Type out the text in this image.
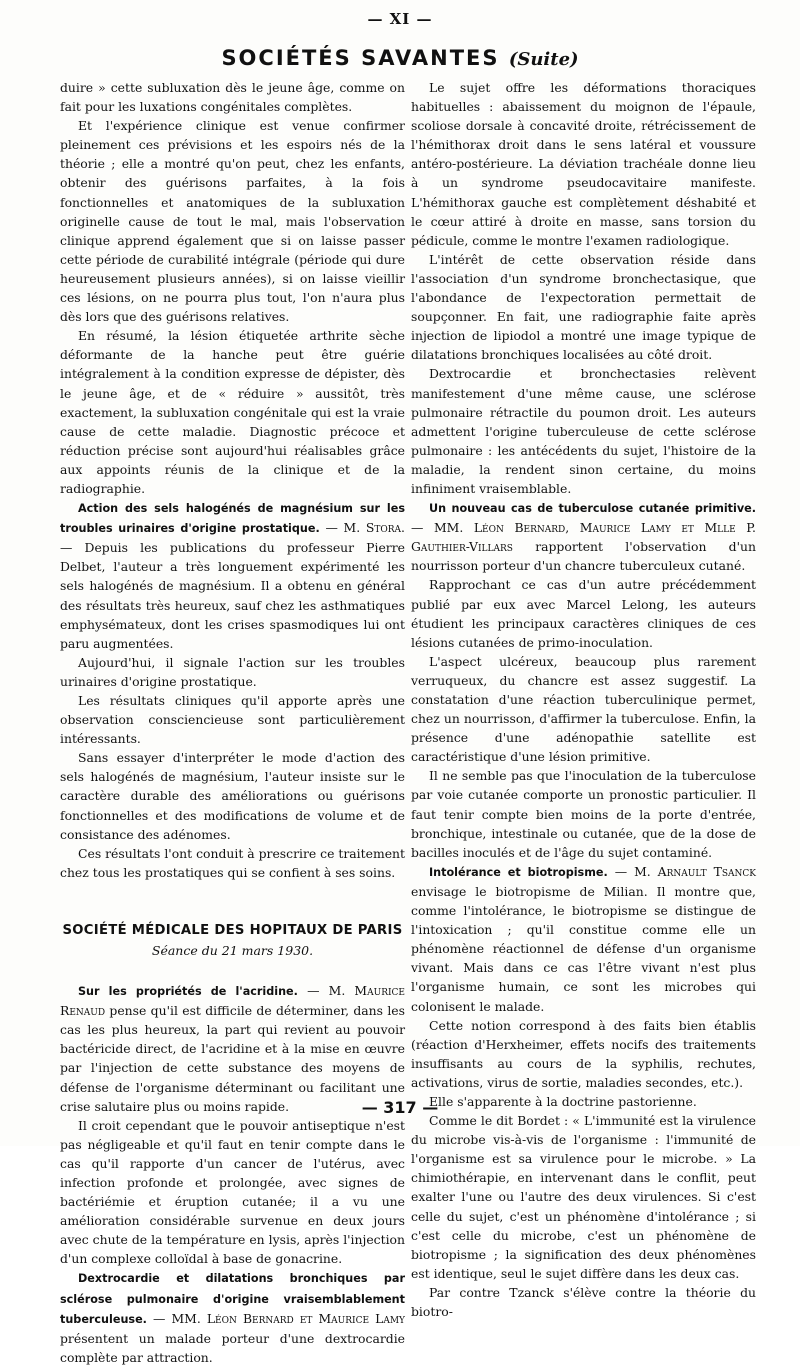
— XI —
SOCIÉTÉS SAVANTES (Suite)

duire » cette subluxation dès le jeune âge, comme on fait pour les luxations congénitales complètes.

Et l'expérience clinique est venue confirmer pleinement ces prévisions et les espoirs nés de la théorie ; elle a montré qu'on peut, chez les enfants, obtenir des guérisons parfaites, à la fois fonctionnelles et anatomiques de la subluxation originelle cause de tout le mal, mais l'observation clinique apprend également que si on laisse passer cette période de curabilité intégrale (période qui dure heureusement plusieurs années), si on laisse vieillir ces lésions, on ne pourra plus tout, l'on n'aura plus dès lors que des guérisons relatives.

En résumé, la lésion étiquetée arthrite sèche déformante de la hanche peut être guérie intégralement à la condition expresse de dépister, dès le jeune âge, et de « réduire » aussitôt, très exactement, la subluxation congénitale qui est la vraie cause de cette maladie. Diagnostic précoce et réduction précise sont aujourd'hui réalisables grâce aux appoints réunis de la clinique et de la radiographie.

Action des sels halogénés de magnésium sur les troubles urinaires d'origine prostatique. — M. Stora. — Depuis les publications du professeur Pierre Delbet, l'auteur a très longuement expérimenté les sels halogénés de magnésium. Il a obtenu en général des résultats très heureux, sauf chez les asthmatiques emphysémateux, dont les crises spasmodiques lui ont paru augmentées.

Aujourd'hui, il signale l'action sur les troubles urinaires d'origine prostatique.

Les résultats cliniques qu'il apporte après une observation consciencieuse sont particulièrement intéressants.

Sans essayer d'interpréter le mode d'action des sels halogénés de magnésium, l'auteur insiste sur le caractère durable des améliorations ou guérisons fonctionnelles et des modifications de volume et de consistance des adénomes.

Ces résultats l'ont conduit à prescrire ce traitement chez tous les prostatiques qui se confient à ses soins.

SOCIÉTÉ MÉDICALE DES HOPITAUX DE PARIS
Séance du 21 mars 1930.

Sur les propriétés de l'acridine. — M. Maurice Renaud pense qu'il est difficile de déterminer, dans les cas les plus heureux, la part qui revient au pouvoir bactéricide direct, de l'acridine et à la mise en œuvre par l'injection de cette substance des moyens de défense de l'organisme déterminant ou facilitant une crise salutaire plus ou moins rapide.

Il croit cependant que le pouvoir antiseptique n'est pas négligeable et qu'il faut en tenir compte dans le cas qu'il rapporte d'un cancer de l'utérus, avec infection profonde et prolongée, avec signes de bactériémie et éruption cutanée; il a vu une amélioration considérable survenue en deux jours avec chute de la température en lysis, après l'injection d'un complexe colloïdal à base de gonacrine.

Dextrocardie et dilatations bronchiques par sclérose pulmonaire d'origine vraisemblablement tuberculeuse. — MM. Léon Bernard et Maurice Lamy présentent un malade porteur d'une dextrocardie complète par attraction.

Le sujet offre les déformations thoraciques habituelles : abaissement du moignon de l'épaule, scoliose dorsale à concavité droite, rétrécissement de l'hémithorax droit dans le sens latéral et voussure antéro-postérieure. La déviation trachéale donne lieu à un syndrome pseudocavitaire manifeste. L'hémithorax gauche est complètement déshabité et le cœur attiré à droite en masse, sans torsion du pédicule, comme le montre l'examen radiologique.

L'intérêt de cette observation réside dans l'association d'un syndrome bronchectasique, que l'abondance de l'expectoration permettait de soupçonner. En fait, une radiographie faite après injection de lipiodol a montré une image typique de dilatations bronchiques localisées au côté droit.

Dextrocardie et bronchectasies relèvent manifestement d'une même cause, une sclérose pulmonaire rétractile du poumon droit. Les auteurs admettent l'origine tuberculeuse de cette sclérose pulmonaire : les antécédents du sujet, l'histoire de la maladie, la rendent sinon certaine, du moins infiniment vraisemblable.

Un nouveau cas de tuberculose cutanée primitive. — MM. Léon Bernard, Maurice Lamy et Mlle P. Gauthier-Villars rapportent l'observation d'un nourrisson porteur d'un chancre tuberculeux cutané.

Rapprochant ce cas d'un autre précédemment publié par eux avec Marcel Lelong, les auteurs étudient les principaux caractères cliniques de ces lésions cutanées de primo-inoculation.

L'aspect ulcéreux, beaucoup plus rarement verruqueux, du chancre est assez suggestif. La constatation d'une réaction tuberculinique permet, chez un nourrisson, d'affirmer la tuberculose. Enfin, la présence d'une adénopathie satellite est caractéristique d'une lésion primitive.

Il ne semble pas que l'inoculation de la tuberculose par voie cutanée comporte un pronostic particulier. Il faut tenir compte bien moins de la porte d'entrée, bronchique, intestinale ou cutanée, que de la dose de bacilles inoculés et de l'âge du sujet contaminé.

Intolérance et biotropisme. — M. Arnault Tsanck envisage le biotropisme de Milian. Il montre que, comme l'intolérance, le biotropisme se distingue de l'intoxication ; qu'il constitue comme elle un phénomène réactionnel de défense d'un organisme vivant. Mais dans ce cas l'être vivant n'est plus l'organisme humain, ce sont les microbes qui colonisent le malade.

Cette notion correspond à des faits bien établis (réaction d'Herxheimer, effets nocifs des traitements insuffisants au cours de la syphilis, rechutes, activations, virus de sortie, maladies secondes, etc.).

Elle s'apparente à la doctrine pastorienne.

Comme le dit Bordet : « L'immunité est la virulence du microbe vis-à-vis de l'organisme : l'immunité de l'organisme est sa virulence pour le microbe. » La chimiothérapie, en intervenant dans le conflit, peut exalter l'une ou l'autre des deux virulences. Si c'est celle du sujet, c'est un phénomène d'intolérance ; si c'est celle du microbe, c'est un phénomène de biotropisme ; la signification des deux phénomènes est identique, seul le sujet diffère dans les deux cas.

Par contre Tzanck s'élève contre la théorie du biotro-

— 317 —
